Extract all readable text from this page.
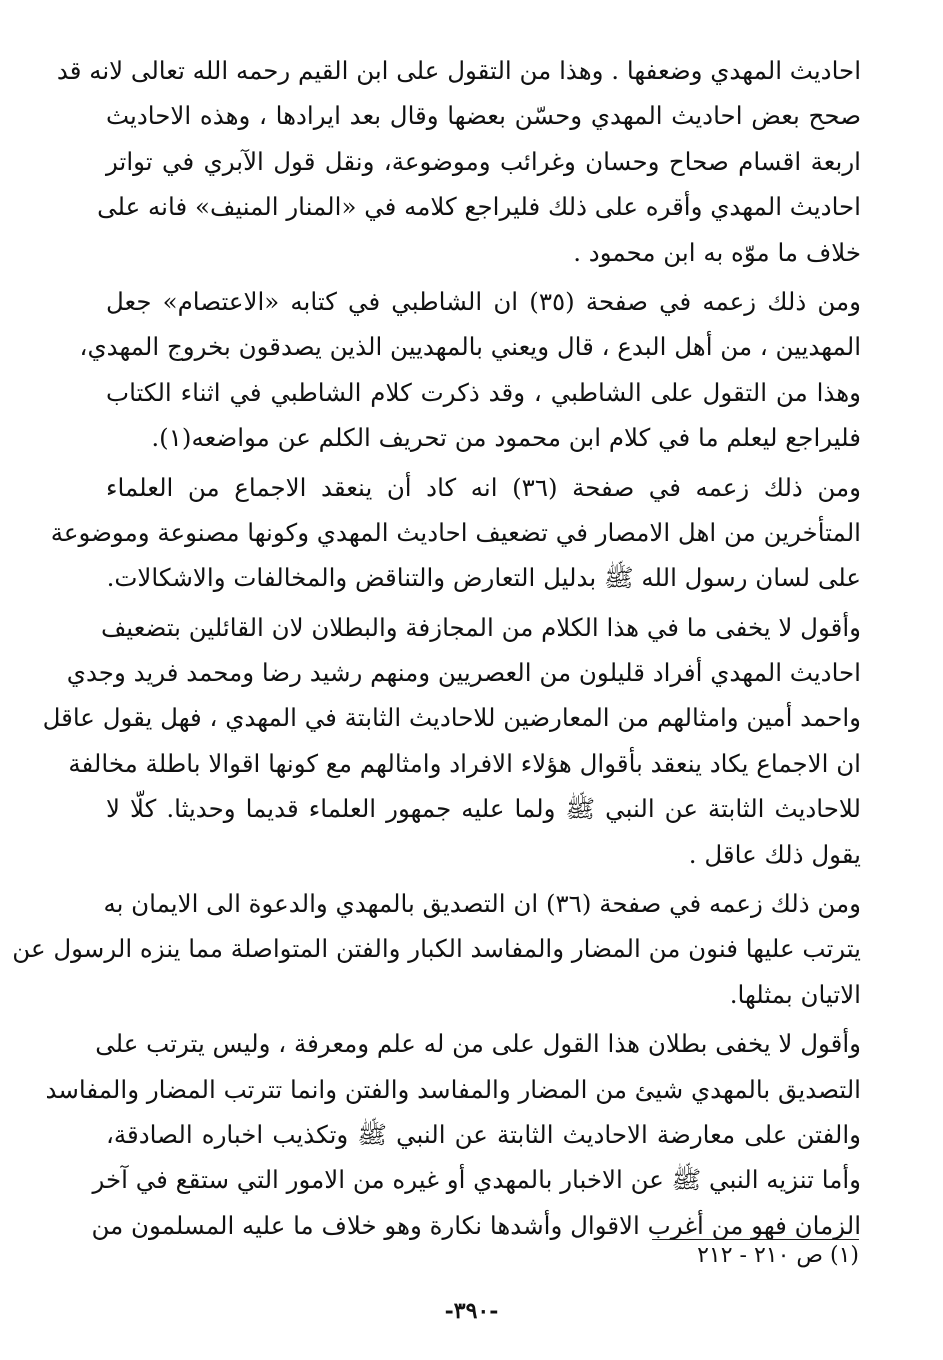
احاديث المهدي وضعفها . وهذا من التقول على ابن القيم رحمه الله تعالى لانه قد
صحح بعض احاديث المهدي وحسّن بعضها وقال بعد ايرادها ، وهذه الاحاديث
اربعة اقسام صحاح وحسان وغرائب وموضوعة، ونقل قول الآبري في تواتر
احاديث المهدي وأقره على ذلك فليراجع كلامه في «المنار المنيف» فانه على
خلاف ما موّه به ابن محمود .
ومن ذلك زعمه في صفحة (٣٥) ان الشاطبي في كتابه «الاعتصام» جعل
المهديين ، من أهل البدع ، قال ويعني بالمهديين الذين يصدقون بخروج المهدي،
وهذا من التقول على الشاطبي ، وقد ذكرت كلام الشاطبي في اثناء الكتاب
فليراجع ليعلم ما في كلام ابن محمود من تحريف الكلم عن مواضعه(١).
ومن ذلك زعمه في صفحة (٣٦) انه كاد أن ينعقد الاجماع من العلماء
المتأخرين من اهل الامصار في تضعيف احاديث المهدي وكونها مصنوعة وموضوعة
على لسان رسول الله ﷺ بدليل التعارض والتناقض والمخالفات والاشكالات.
وأقول لا يخفى ما في هذا الكلام من المجازفة والبطلان لان القائلين بتضعيف
احاديث المهدي أفراد قليلون من العصريين ومنهم رشيد رضا ومحمد فريد وجدي
واحمد أمين وامثالهم من المعارضين للاحاديث الثابتة في المهدي ، فهل يقول عاقل
ان الاجماع يكاد ينعقد بأقوال هؤلاء الافراد وامثالهم مع كونها اقوالا باطلة مخالفة
للاحاديث الثابتة عن النبي ﷺ ولما عليه جمهور العلماء قديما وحديثا. كلّا لا
يقول ذلك عاقل .
ومن ذلك زعمه في صفحة (٣٦) ان التصديق بالمهدي والدعوة الى الايمان به
يترتب عليها فنون من المضار والمفاسد الكبار والفتن المتواصلة مما ينزه الرسول عن
الاتيان بمثلها.
وأقول لا يخفى بطلان هذا القول على من له علم ومعرفة ، وليس يترتب على
التصديق بالمهدي شيئ من المضار والمفاسد والفتن وانما تترتب المضار والمفاسد
والفتن على معارضة الاحاديث الثابتة عن النبي ﷺ وتكذيب اخباره الصادقة،
وأما تنزيه النبي ﷺ عن الاخبار بالمهدي أو غيره من الامور التي ستقع في آخر
الزمان فهو من أغرب الاقوال وأشدها نكارة وهو خلاف ما عليه المسلمون من
(١) ص ٢١٠ - ٢١٢
-٣٩٠-
